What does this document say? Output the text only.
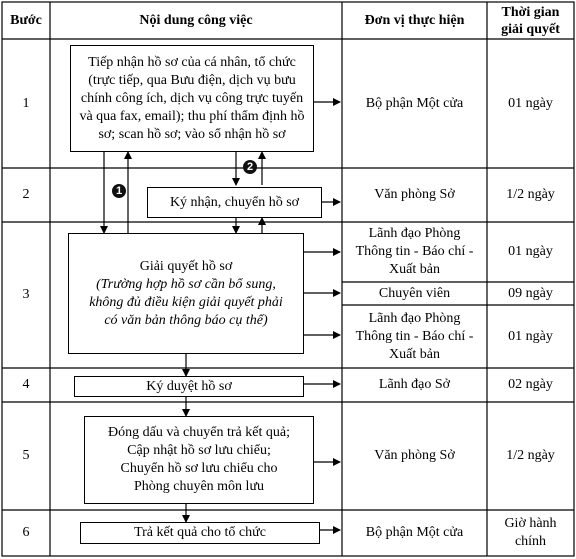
Bước	Nội dung công việc	Đơn vị thực hiện
Thời gian
giải quyết
1
2
3
4
5
6
Bộ phận Một cửa
Văn phòng Sở
Lãnh đạo Phòng
Thông tin - Báo chí -
Xuất bản
Chuyên viên
Lãnh đạo Phòng
Thông tin - Báo chí -
Xuất bản
Lãnh đạo Sở
Văn phòng Sở
Bộ phận Một cửa
01 ngày
1/2 ngày
01 ngày
09 ngày
01 ngày
02 ngày
1/2 ngày
Giờ hành
chính
Tiếp nhận hồ sơ của cá nhân, tổ chức
(trực tiếp, qua Bưu điện, dịch vụ bưu
chính công ích, dịch vụ công trực tuyến
và qua fax, email); thu phí thẩm định hồ
sơ; scan hồ sơ; vào sổ nhận hồ sơ
Ký nhận, chuyển hồ sơ
Giải quyết hồ sơ
(Trường hợp hồ sơ cần bổ sung,
không đủ điều kiện giải quyết phải
có văn bản thông báo cụ thể)
Ký duyệt hồ sơ
Đóng dấu và chuyển trả kết quả;
Cập nhật hồ sơ lưu chiểu;
Chuyển hồ sơ lưu chiểu cho
Phòng chuyên môn lưu
Trả kết quả cho tổ chức
1
2
